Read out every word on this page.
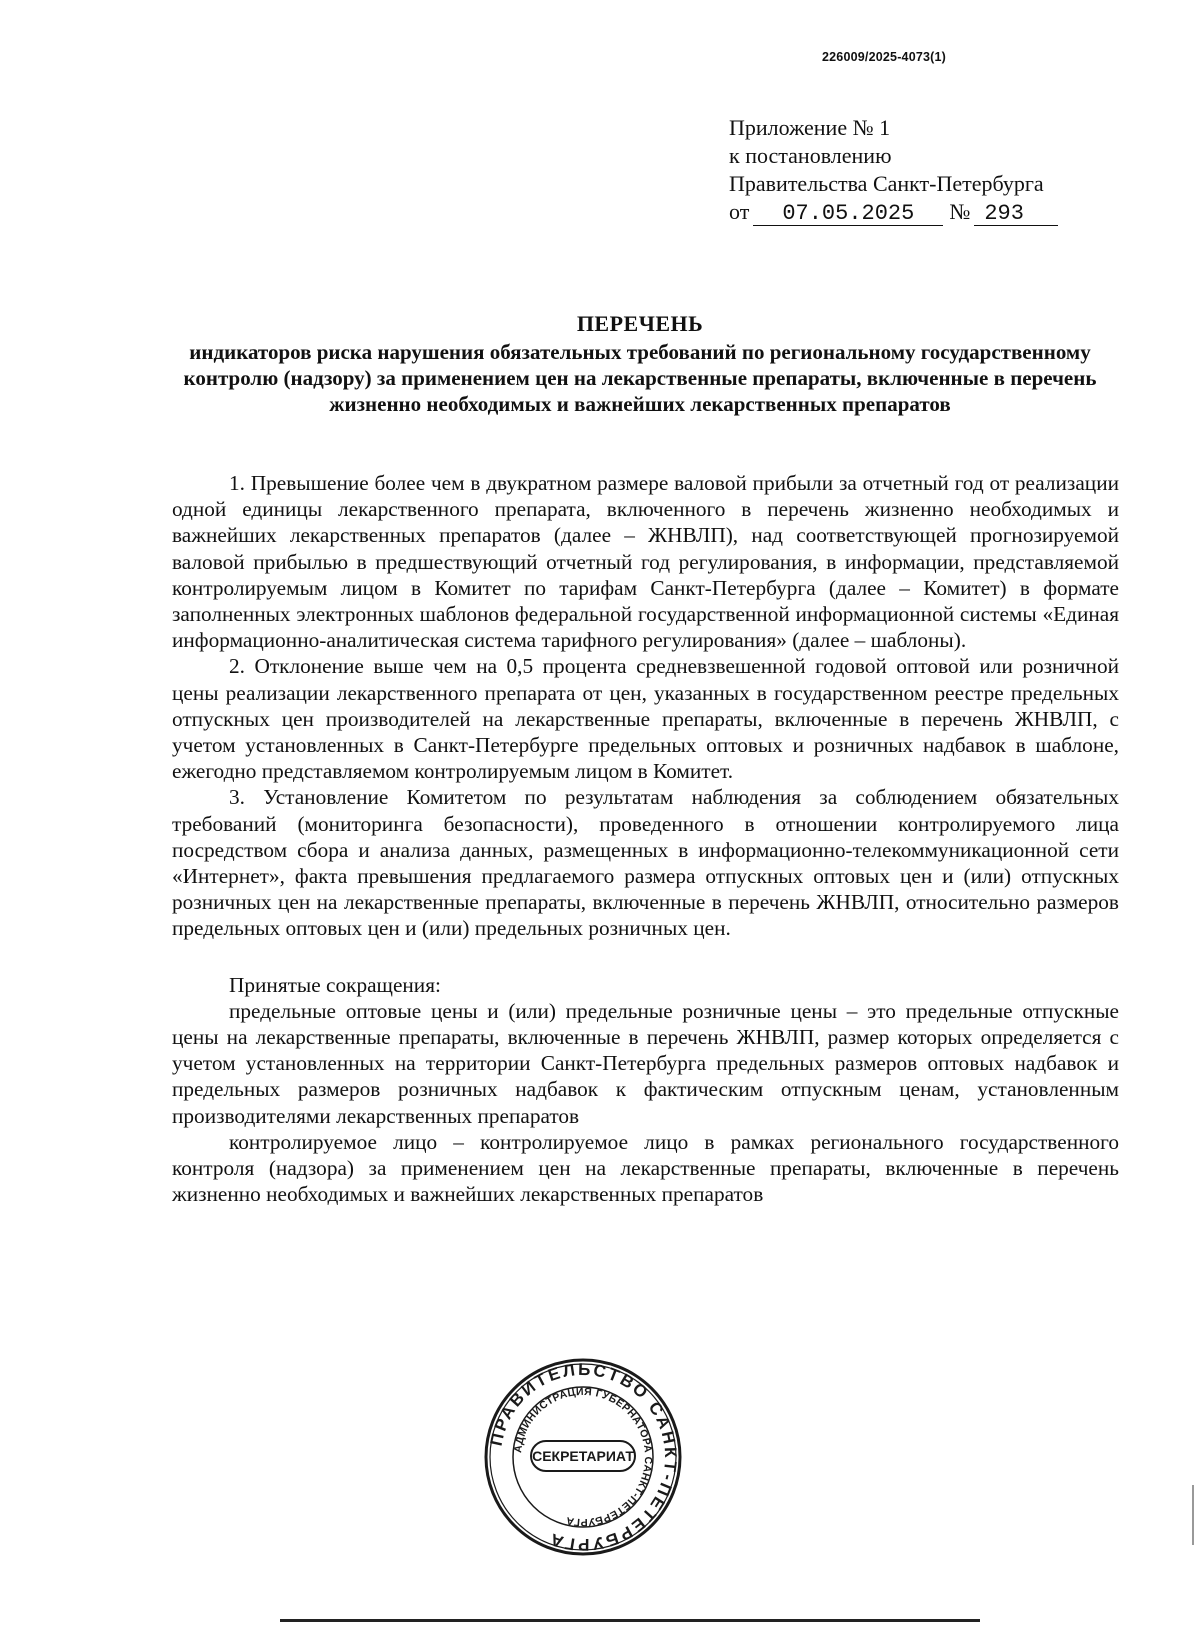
226009/2025-4073(1)
Приложение № 1
к постановлению
Правительства Санкт-Петербурга
от 07.05.2025 № 293
ПЕРЕЧЕНЬ

индикаторов риска нарушения обязательных требований по региональному государственному контролю (надзору) за применением цен на лекарственные препараты, включенные в перечень жизненно необходимых и важнейших лекарственных препаратов

1. Превышение более чем в двукратном размере валовой прибыли за отчетный год от реализации одной единицы лекарственного препарата, включенного в перечень жизненно необходимых и важнейших лекарственных препаратов (далее – ЖНВЛП), над соответствующей прогнозируемой валовой прибылью в предшествующий отчетный год регулирования, в информации, представляемой контролируемым лицом в Комитет по тарифам Санкт-Петербурга (далее – Комитет) в формате заполненных электронных шаблонов федеральной государственной информационной системы «Единая информационно-аналитическая система тарифного регулирования» (далее – шаблоны).

2. Отклонение выше чем на 0,5 процента средневзвешенной годовой оптовой или розничной цены реализации лекарственного препарата от цен, указанных в государственном реестре предельных отпускных цен производителей на лекарственные препараты, включенные в перечень ЖНВЛП, с учетом установленных в Санкт-Петербурге предельных оптовых и розничных надбавок в шаблоне, ежегодно представляемом контролируемым лицом в Комитет.

3. Установление Комитетом по результатам наблюдения за соблюдением обязательных требований (мониторинга безопасности), проведенного в отношении контролируемого лица посредством сбора и анализа данных, размещенных в информационно-телекоммуникационной сети «Интернет», факта превышения предлагаемого размера отпускных оптовых цен и (или) отпускных розничных цен на лекарственные препараты, включенные в перечень ЖНВЛП, относительно размеров предельных оптовых цен и (или) предельных розничных цен.

Принятые сокращения:

предельные оптовые цены и (или) предельные розничные цены – это предельные отпускные цены на лекарственные препараты, включенные в перечень ЖНВЛП, размер которых определяется с учетом установленных на территории Санкт-Петербурга предельных размеров оптовых надбавок и предельных размеров розничных надбавок к фактическим отпускным ценам, установленным производителями лекарственных препаратов

контролируемое лицо – контролируемое лицо в рамках регионального государственного контроля (надзора) за применением цен на лекарственные препараты, включенные в перечень жизненно необходимых и важнейших лекарственных препаратов

ПРАВИТЕЛЬСТВО САНКТ-ПЕТЕРБУРГА
АДМИНИСТРАЦИЯ ГУБЕРНАТОРА САНКТ-ПЕТЕРБУРГА
СЕКРЕТАРИАТ
